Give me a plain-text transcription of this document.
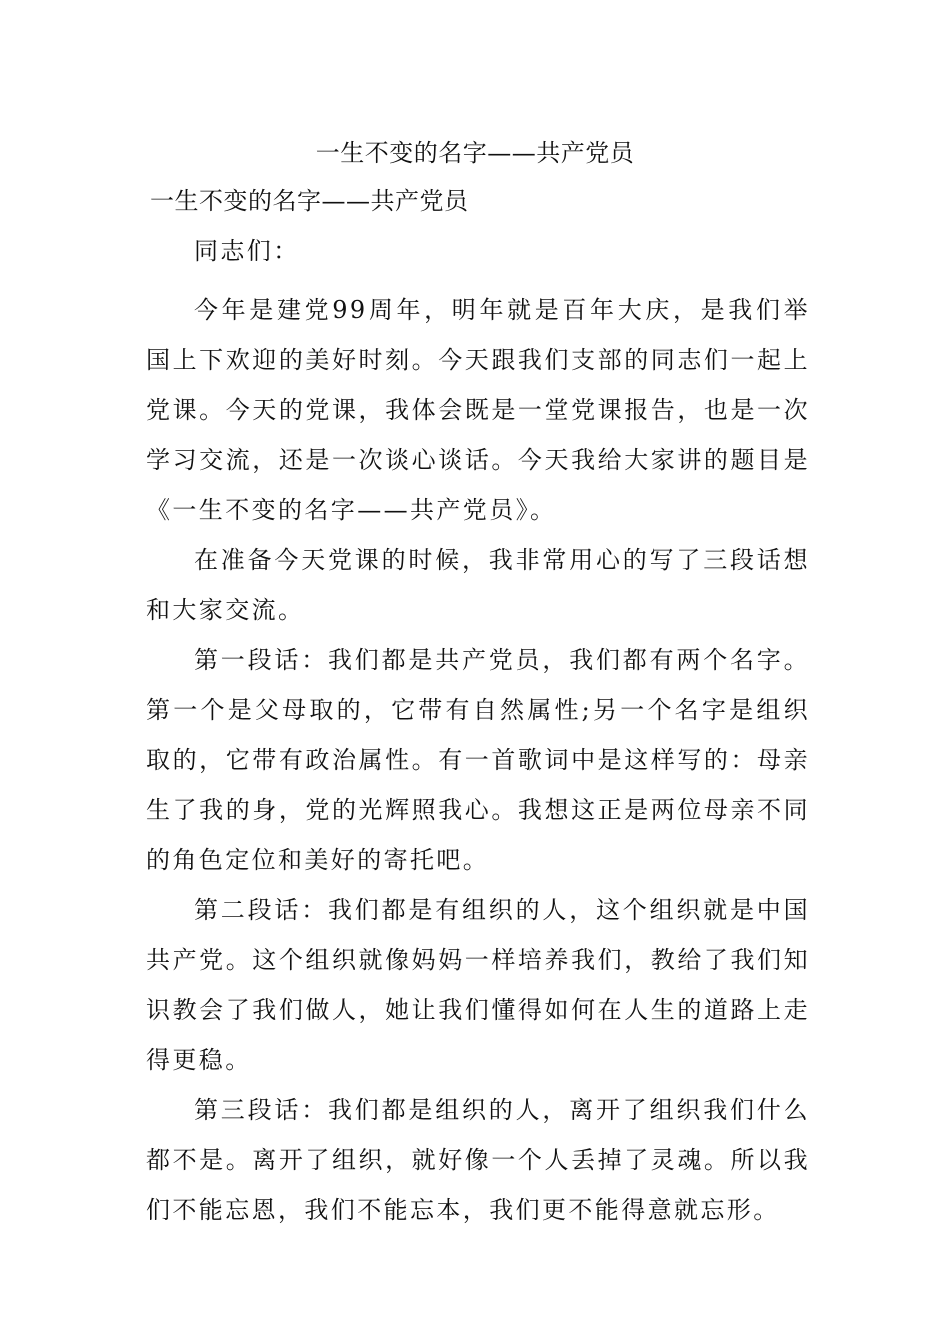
一生不变的名字——共产党员
一生不变的名字——共产党员

同志们：

今年是建党99周年，明年就是百年大庆，是我们举国上下欢迎的美好时刻。今天跟我们支部的同志们一起上党课。今天的党课，我体会既是一堂党课报告，也是一次学习交流，还是一次谈心谈话。今天我给大家讲的题目是《一生不变的名字——共产党员》。

在准备今天党课的时候，我非常用心的写了三段话想和大家交流。

第一段话：我们都是共产党员，我们都有两个名字。第一个是父母取的，它带有自然属性;另一个名字是组织取的，它带有政治属性。有一首歌词中是这样写的：母亲生了我的身，党的光辉照我心。我想这正是两位母亲不同的角色定位和美好的寄托吧。

第二段话：我们都是有组织的人，这个组织就是中国共产党。这个组织就像妈妈一样培养我们，教给了我们知识教会了我们做人，她让我们懂得如何在人生的道路上走得更稳。

第三段话：我们都是组织的人，离开了组织我们什么都不是。离开了组织，就好像一个人丢掉了灵魂。所以我们不能忘恩，我们不能忘本，我们更不能得意就忘形。
